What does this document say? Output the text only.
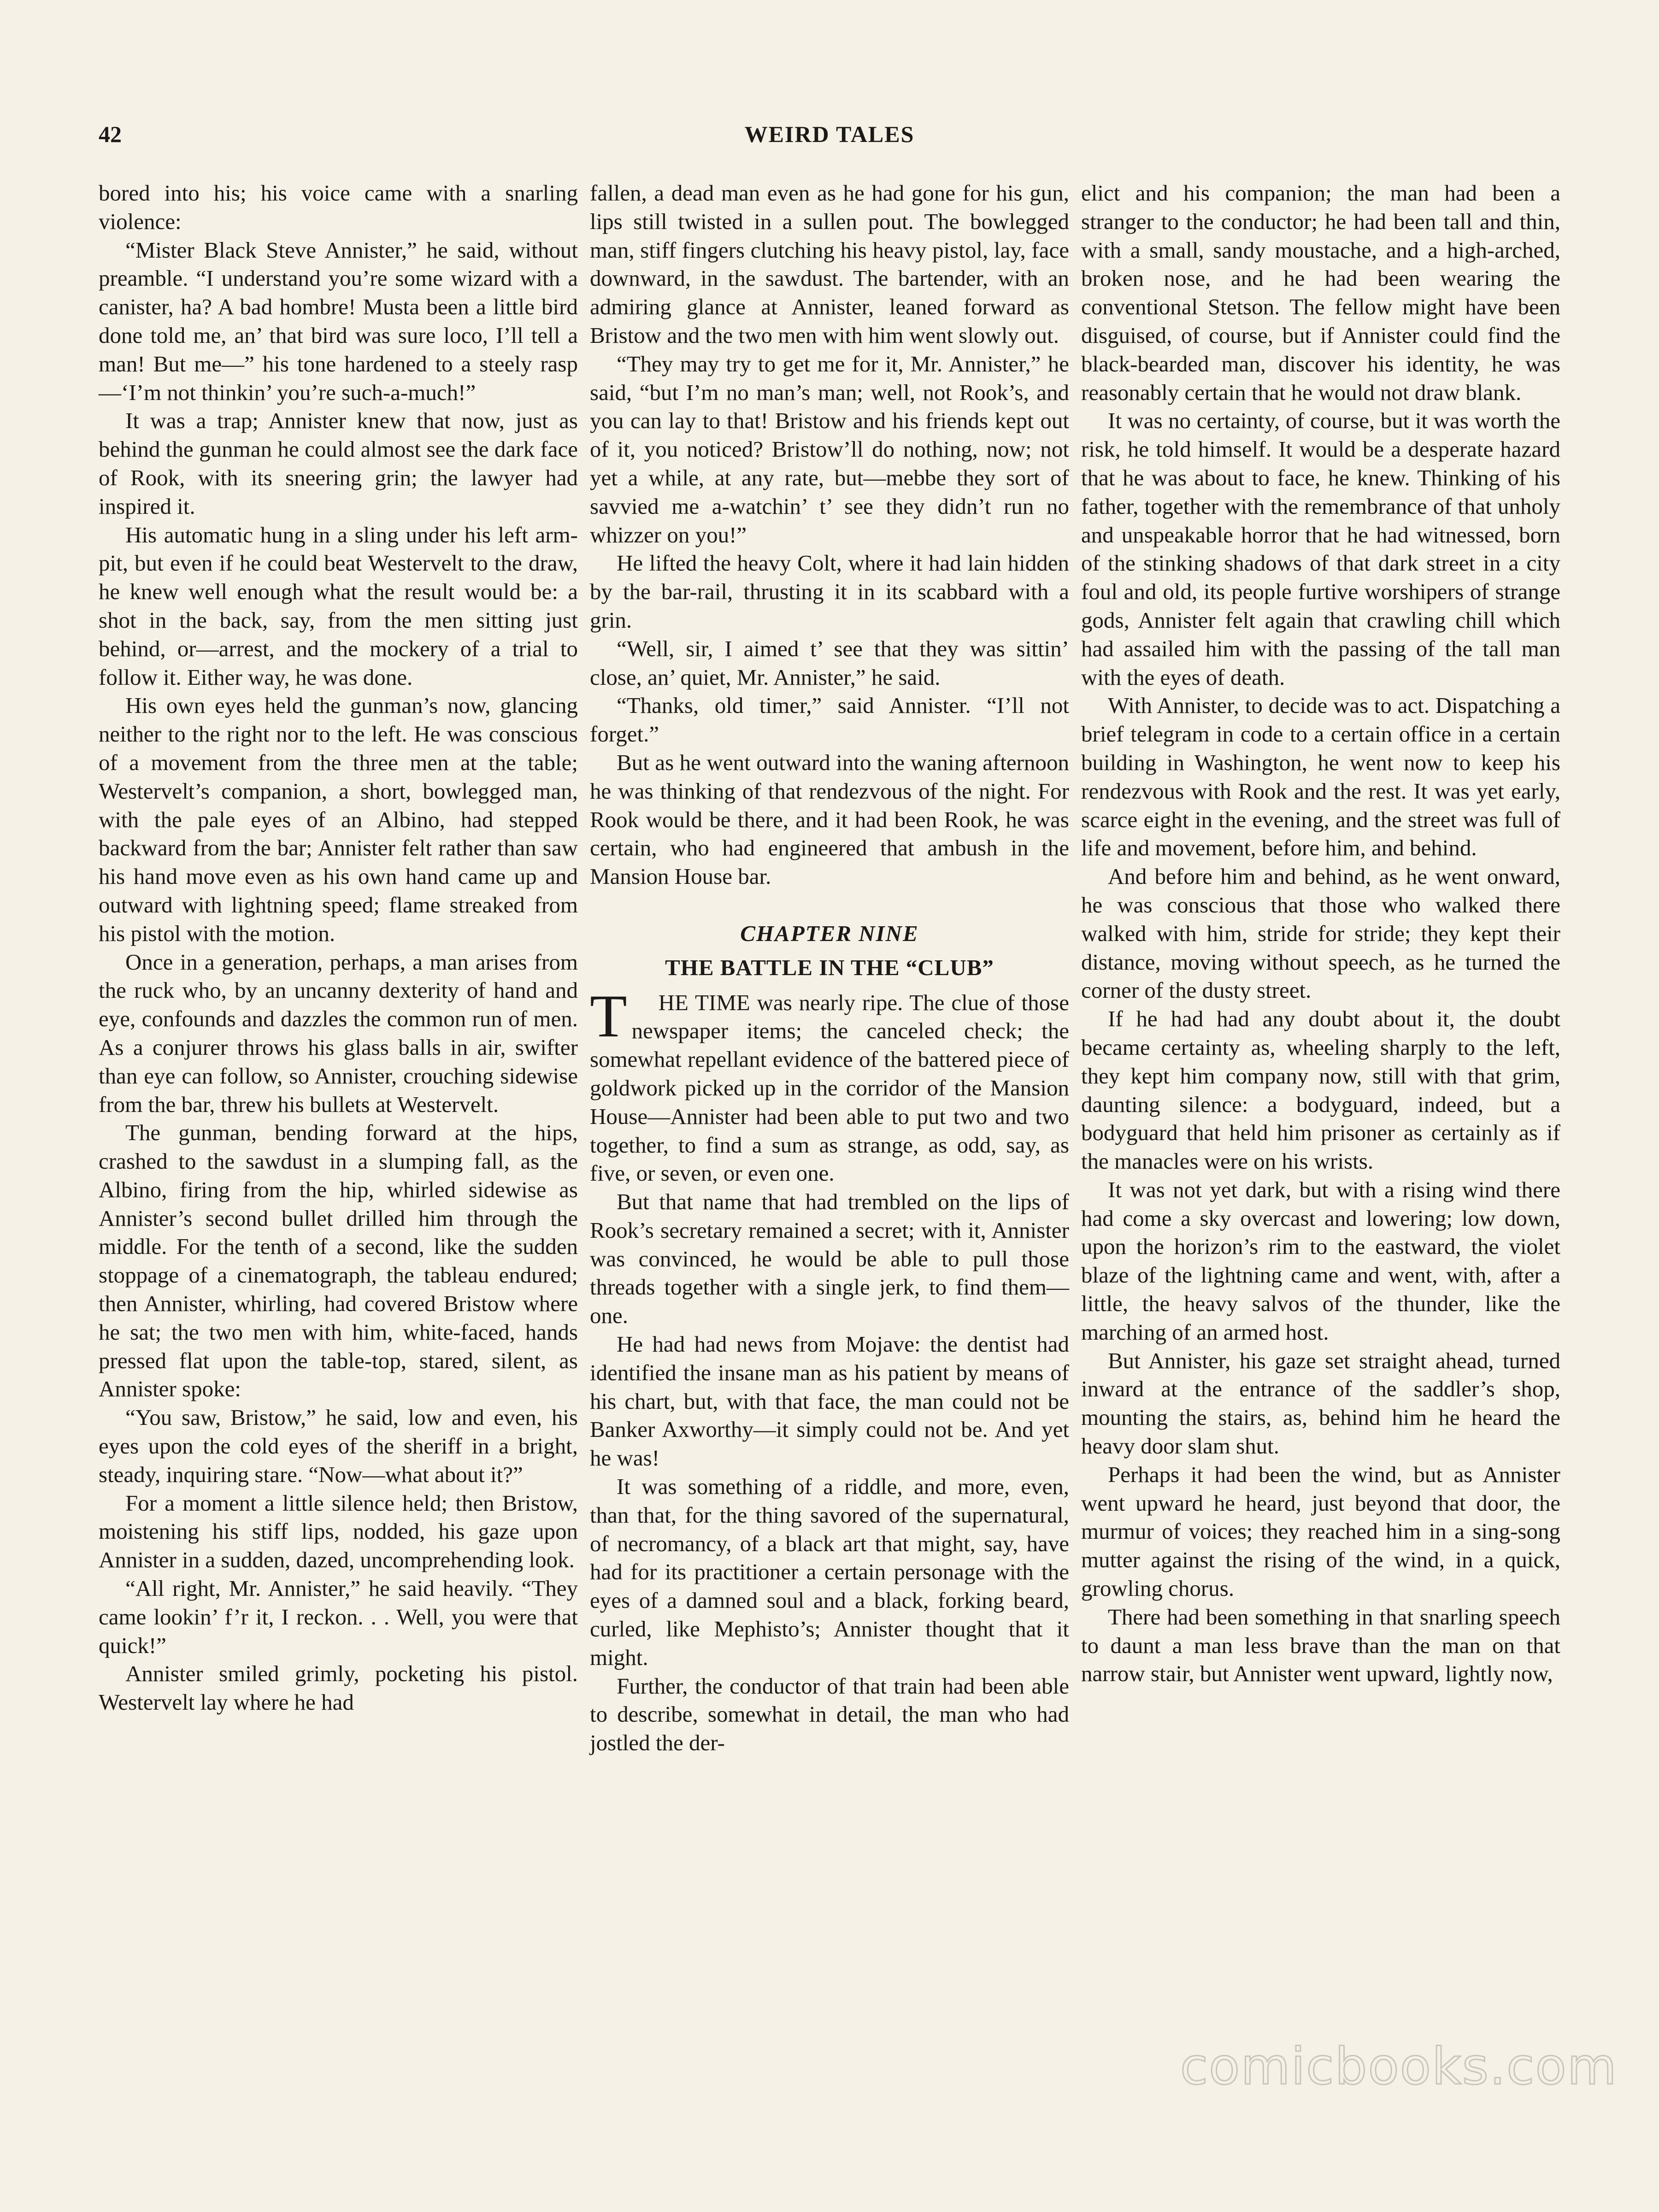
42	WEIRD TALES

bored into his; his voice came with a snarling violence:

“Mister Black Steve Annister,” he said, without preamble. “I understand you’re some wizard with a canister, ha? A bad hombre! Musta been a little bird done told me, an’ that bird was sure loco, I’ll tell a man! But me—” his tone hardened to a steely rasp—‘I’m not thinkin’ you’re such-a-much!”

It was a trap; Annister knew that now, just as behind the gunman he could almost see the dark face of Rook, with its sneering grin; the lawyer had inspired it.

His automatic hung in a sling under his left arm-pit, but even if he could beat Westervelt to the draw, he knew well enough what the result would be: a shot in the back, say, from the men sitting just behind, or—arrest, and the mockery of a trial to follow it. Either way, he was done.

His own eyes held the gunman’s now, glancing neither to the right nor to the left. He was conscious of a movement from the three men at the table; Westervelt’s companion, a short, bowlegged man, with the pale eyes of an Albino, had stepped backward from the bar; Annister felt rather than saw his hand move even as his own hand came up and outward with lightning speed; flame streaked from his pistol with the motion.

Once in a generation, perhaps, a man arises from the ruck who, by an uncanny dexterity of hand and eye, confounds and dazzles the common run of men. As a conjurer throws his glass balls in air, swifter than eye can follow, so Annister, crouching sidewise from the bar, threw his bullets at Westervelt.

The gunman, bending forward at the hips, crashed to the sawdust in a slumping fall, as the Albino, firing from the hip, whirled sidewise as Annister’s second bullet drilled him through the middle. For the tenth of a second, like the sudden stoppage of a cinematograph, the tableau endured; then Annister, whirling, had covered Bristow where he sat; the two men with him, white-faced, hands pressed flat upon the table-top, stared, silent, as Annister spoke:

“You saw, Bristow,” he said, low and even, his eyes upon the cold eyes of the sheriff in a bright, steady, inquiring stare. “Now—what about it?”

For a moment a little silence held; then Bristow, moistening his stiff lips, nodded, his gaze upon Annister in a sudden, dazed, uncomprehending look.

“All right, Mr. Annister,” he said heavily. “They came lookin’ f’r it, I reckon. . . Well, you were that quick!”

Annister smiled grimly, pocketing his pistol. Westervelt lay where he had

fallen, a dead man even as he had gone for his gun, lips still twisted in a sullen pout. The bowlegged man, stiff fingers clutching his heavy pistol, lay, face downward, in the sawdust. The bartender, with an admiring glance at Annister, leaned forward as Bristow and the two men with him went slowly out.

“They may try to get me for it, Mr. Annister,” he said, “but I’m no man’s man; well, not Rook’s, and you can lay to that! Bristow and his friends kept out of it, you noticed? Bristow’ll do nothing, now; not yet a while, at any rate, but—mebbe they sort of savvied me a-watchin’ t’ see they didn’t run no whizzer on you!”

He lifted the heavy Colt, where it had lain hidden by the bar-rail, thrusting it in its scabbard with a grin.

“Well, sir, I aimed t’ see that they was sittin’ close, an’ quiet, Mr. Annister,” he said.

“Thanks, old timer,” said Annister. “I’ll not forget.”

But as he went outward into the waning afternoon he was thinking of that rendezvous of the night. For Rook would be there, and it had been Rook, he was certain, who had engineered that ambush in the Mansion House bar.

CHAPTER NINE
THE BATTLE IN THE “CLUB”

T HE TIME was nearly ripe. The clue of those newspaper items; the canceled check; the somewhat repellant evidence of the battered piece of goldwork picked up in the corridor of the Mansion House—Annister had been able to put two and two together, to find a sum as strange, as odd, say, as five, or seven, or even one.

But that name that had trembled on the lips of Rook’s secretary remained a secret; with it, Annister was convinced, he would be able to pull those threads together with a single jerk, to find them—one.

He had had news from Mojave: the dentist had identified the insane man as his patient by means of his chart, but, with that face, the man could not be Banker Axworthy—it simply could not be. And yet he was!

It was something of a riddle, and more, even, than that, for the thing savored of the supernatural, of necromancy, of a black art that might, say, have had for its practitioner a certain personage with the eyes of a damned soul and a black, forking beard, curled, like Mephisto’s; Annister thought that it might.

Further, the conductor of that train had been able to describe, somewhat in detail, the man who had jostled the der-

elict and his companion; the man had been a stranger to the conductor; he had been tall and thin, with a small, sandy moustache, and a high-arched, broken nose, and he had been wearing the conventional Stetson. The fellow might have been disguised, of course, but if Annister could find the black-bearded man, discover his identity, he was reasonably certain that he would not draw blank.

It was no certainty, of course, but it was worth the risk, he told himself. It would be a desperate hazard that he was about to face, he knew. Thinking of his father, together with the remembrance of that unholy and unspeakable horror that he had witnessed, born of the stinking shadows of that dark street in a city foul and old, its people furtive worshipers of strange gods, Annister felt again that crawling chill which had assailed him with the passing of the tall man with the eyes of death.

With Annister, to decide was to act. Dispatching a brief telegram in code to a certain office in a certain building in Washington, he went now to keep his rendezvous with Rook and the rest. It was yet early, scarce eight in the evening, and the street was full of life and movement, before him, and behind.

And before him and behind, as he went onward, he was conscious that those who walked there walked with him, stride for stride; they kept their distance, moving without speech, as he turned the corner of the dusty street.

If he had had any doubt about it, the doubt became certainty as, wheeling sharply to the left, they kept him company now, still with that grim, daunting silence: a bodyguard, indeed, but a bodyguard that held him prisoner as certainly as if the manacles were on his wrists.

It was not yet dark, but with a rising wind there had come a sky overcast and lowering; low down, upon the horizon’s rim to the eastward, the violet blaze of the lightning came and went, with, after a little, the heavy salvos of the thunder, like the marching of an armed host.

But Annister, his gaze set straight ahead, turned inward at the entrance of the saddler’s shop, mounting the stairs, as, behind him he heard the heavy door slam shut.

Perhaps it had been the wind, but as Annister went upward he heard, just beyond that door, the murmur of voices; they reached him in a sing-song mutter against the rising of the wind, in a quick, growling chorus.

There had been something in that snarling speech to daunt a man less brave than the man on that narrow stair, but Annister went upward, lightly now,

comicbooks.com
